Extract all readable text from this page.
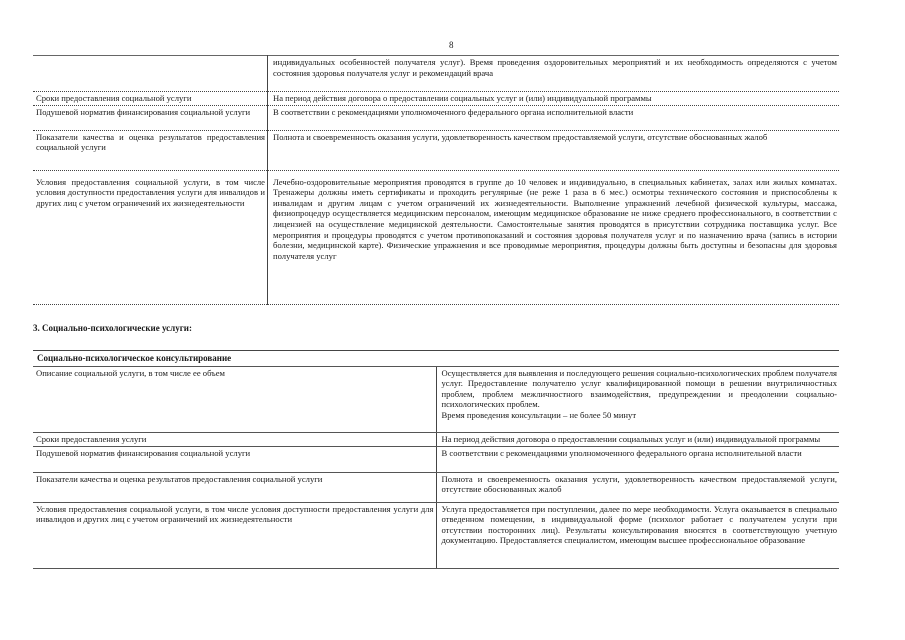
8
	индивидуальных особенностей получателя услуг). Время проведения оздоровительных мероприятий и их необходимость определяются с учетом состояния здоровья получателя услуг и рекомендаций врача
Сроки предоставления социальной услуги	На период действия договора о предоставлении социальных услуг и (или) индивидуальной программы
Подушевой норматив финансирования социальной услуги	В соответствии с рекомендациями уполномоченного федерального органа исполнительной власти
Показатели качества и оценка результатов предоставления социальной услуги	Полнота и своевременность оказания услуги, удовлетворенность качеством предоставляемой услуги, отсутствие обоснованных жалоб
Условия предоставления социальной услуги, в том числе условия доступности предоставления услуги для инвалидов и других лиц с учетом ограничений их жизнедеятельности	Лечебно-оздоровительные мероприятия проводятся в группе до 10 человек и индивидуально, в специальных кабинетах, залах или жилых комнатах. Тренажеры должны иметь сертификаты и проходить регулярные (не реже 1 раза в 6 мес.) осмотры технического состояния и приспособлены к инвалидам и другим лицам с учетом ограничений их жизнедеятельности. Выполнение упражнений лечебной физической культуры, массажа, физиопроцедур осуществляется медицинским персоналом, имеющим медицинское образование не ниже среднего профессионального, в соответствии с лицензией на осуществление медицинской деятельности. Самостоятельные занятия проводятся в присутствии сотрудника поставщика услуг. Все мероприятия и процедуры проводятся с учетом противопоказаний и состояния здоровья получателя услуг и по назначению врача (запись в истории болезни, медицинской карте). Физические упражнения и все проводимые мероприятия, процедуры должны быть доступны и безопасны для здоровья получателя услуг
3. Социально-психологические услуги:
Социально-психологическое консультирование	
Описание социальной услуги, в том числе ее объем	Осуществляется для выявления и последующего решения социально-психологических проблем получателя услуг. Предоставление получателю услуг квалифицированной помощи в решении внутриличностных проблем, проблем межличностного взаимодействия, предупреждении и преодолении социально-психологических проблем.

Время проведения консультации – не более 50 минут

Сроки предоставления услуги	На период действия договора о предоставлении социальных услуг и (или) индивидуальной программы
Подушевой норматив финансирования социальной услуги	В соответствии с рекомендациями уполномоченного федерального органа исполнительной власти
Показатели качества и оценка результатов предоставления социальной услуги	Полнота и своевременность оказания услуги, удовлетворенность качеством предоставляемой услуги, отсутствие обоснованных жалоб
Условия предоставления социальной услуги, в том числе условия доступности предоставления услуги для инвалидов и других лиц с учетом ограничений их жизнедеятельности	Услуга предоставляется при поступлении, далее по мере необходимости. Услуга оказывается в специально отведенном помещении, в индивидуальной форме (психолог работает с получателем услуги при отсутствии посторонних лиц). Результаты консультирования вносятся в соответствующую учетную документацию. Предоставляется специалистом, имеющим высшее профессиональное образование
